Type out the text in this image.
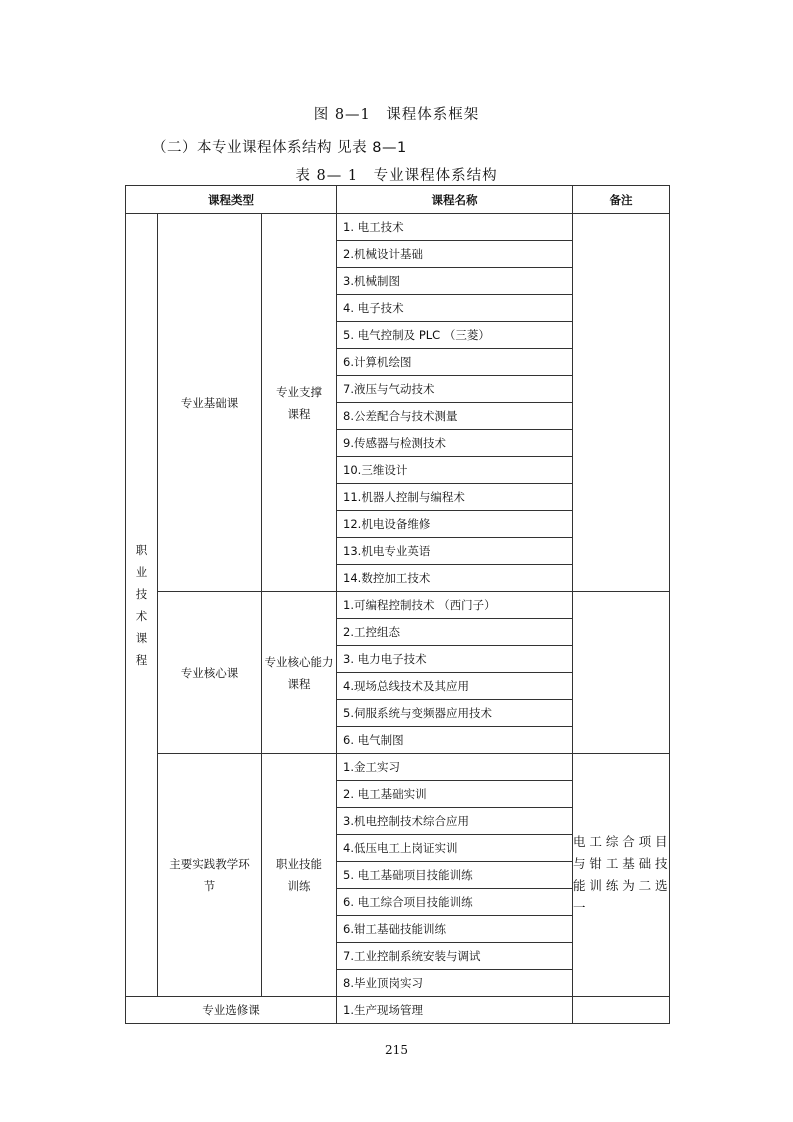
图 8—1　课程体系框架
（二）本专业课程体系结构 见表 8—1
表 8— 1　专业课程体系结构
课程类型			课程名称	备注
职业技术课程	专业基础课	专业支撑课程	1. 电工技术	
			2.机械设计基础	
			3.机械制图	
			4. 电子技术	
			5. 电气控制及 PLC （三菱）	
			6.计算机绘图	
			7.液压与气动技术	
			8.公差配合与技术测量	
			9.传感器与检测技术	
			10.三维设计	
			11.机器人控制与编程术	
			12.机电设备维修	
			13.机电专业英语	
			14.数控加工技术	
	专业核心课	专业核心能力课程	1.可编程控制技术 （西门子）	
			2.工控组态	
			3. 电力电子技术	
			4.现场总线技术及其应用	
			5.伺服系统与变频器应用技术	
			6. 电气制图	
	主要实践教学环节	职业技能训练	1.金工实习	电工综合项目与钳工基础技能训练为二选一
			2. 电工基础实训	
			3.机电控制技术综合应用	
			4.低压电工上岗证实训	
			5. 电工基础项目技能训练	
			6. 电工综合项目技能训练	
			6.钳工基础技能训练	
			7.工业控制系统安装与调试	
			8.毕业顶岗实习	
专业选修课			1.生产现场管理	
215
